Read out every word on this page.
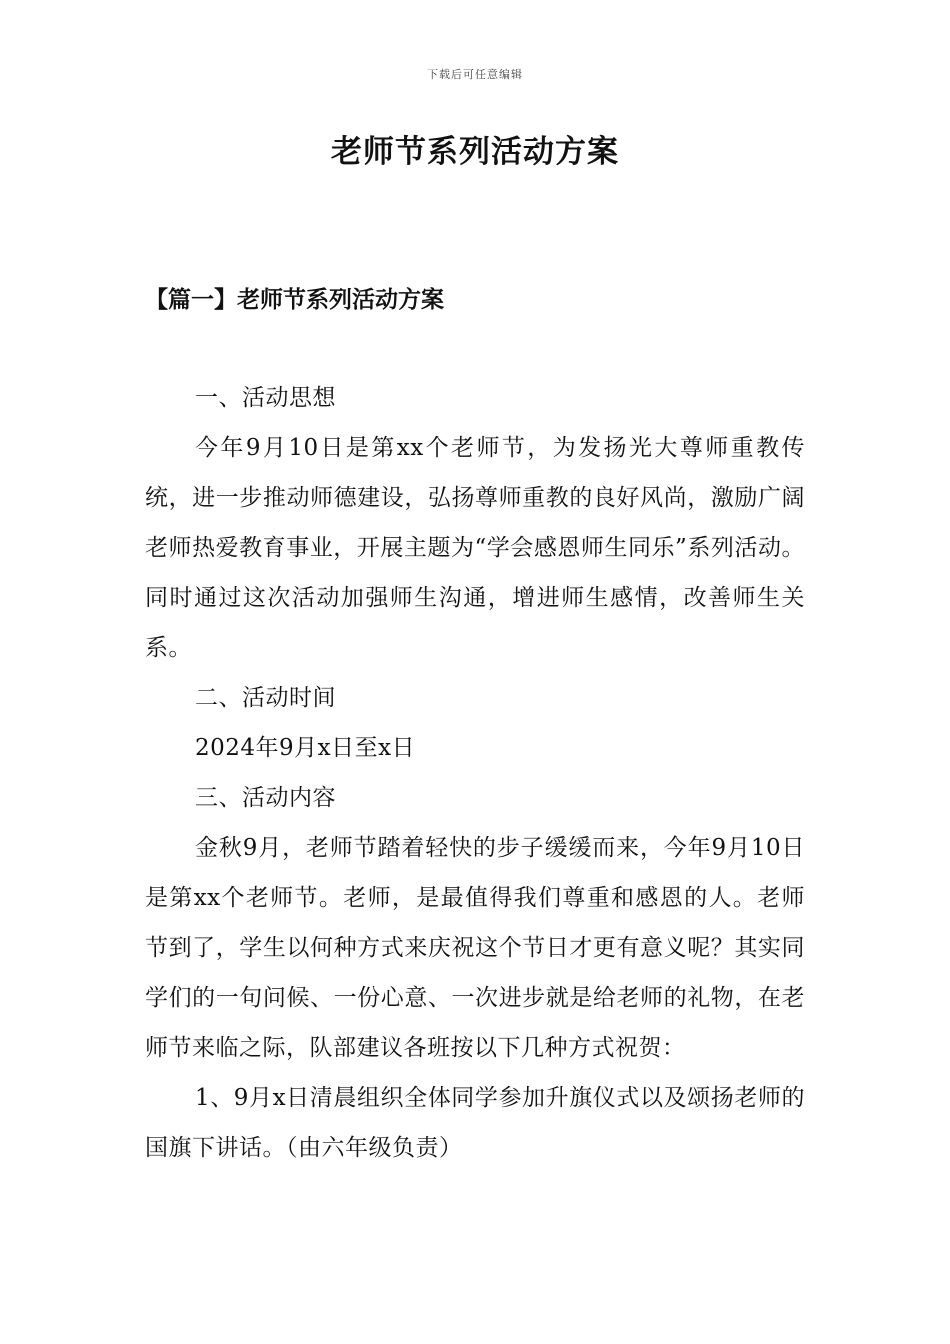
下载后可任意编辑
老师节系列活动方案
【篇一】老师节系列活动方案

一、活动思想

今年9月10日是第xx个老师节，为发扬光大尊师重教传统，进一步推动师德建设，弘扬尊师重教的良好风尚，激励广阔老师热爱教育事业，开展主题为“学会感恩师生同乐”系列活动。同时通过这次活动加强师生沟通，增进师生感情，改善师生关系。

二、活动时间

2024年9月x日至x日

三、活动内容

金秋9月，老师节踏着轻快的步子缓缓而来，今年9月10日是第xx个老师节。老师，是最值得我们尊重和感恩的人。老师节到了，学生以何种方式来庆祝这个节日才更有意义呢？其实同学们的一句问候、一份心意、一次进步就是给老师的礼物，在老师节来临之际，队部建议各班按以下几种方式祝贺：

1、9月x日清晨组织全体同学参加升旗仪式以及颂扬老师的国旗下讲话。（由六年级负责）
